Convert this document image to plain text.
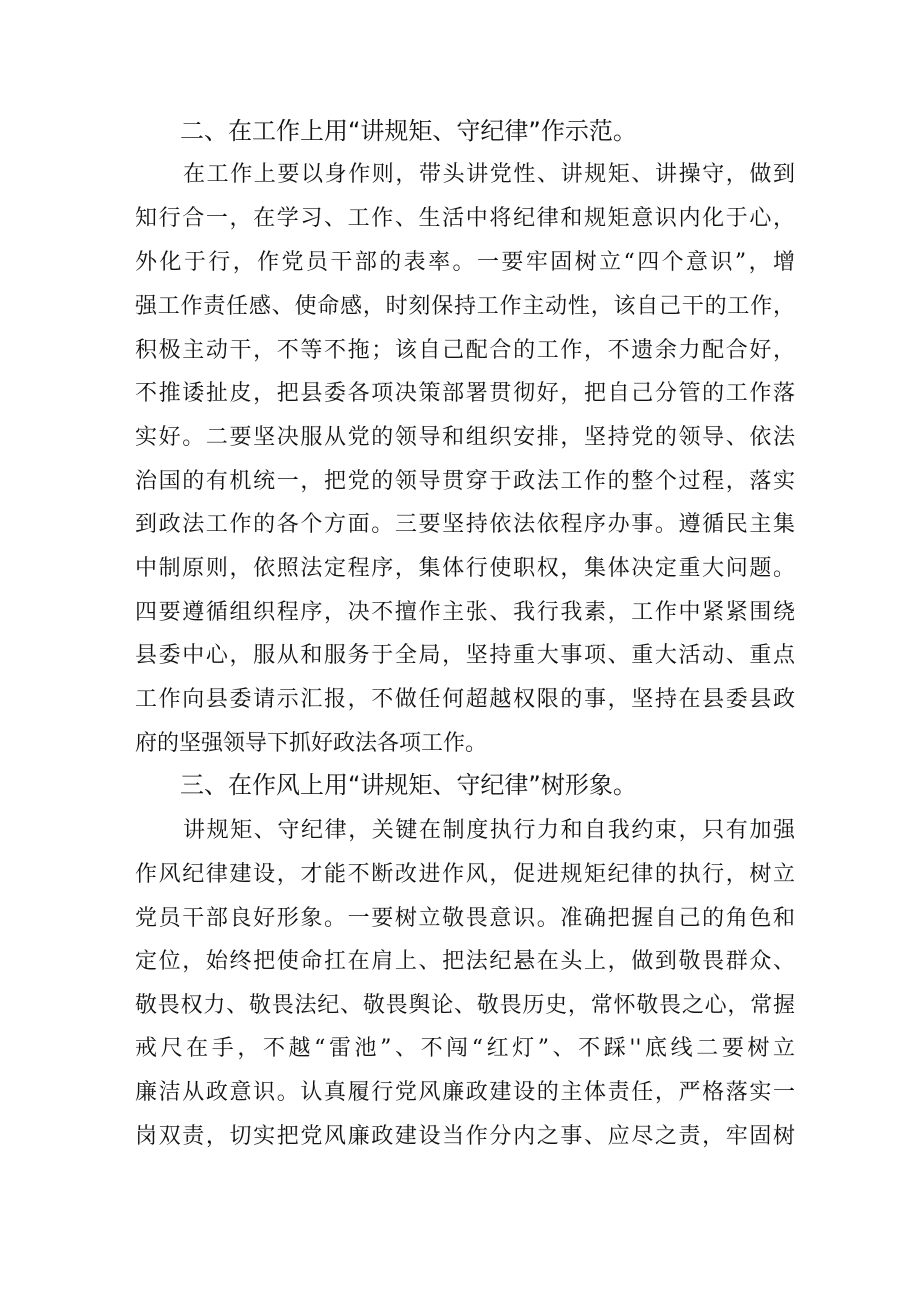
二、在工作上用“讲规矩、守纪律”作示范。

在工作上要以身作则，带头讲党性、讲规矩、讲操守，做到

知行合一，在学习、工作、生活中将纪律和规矩意识内化于心，

外化于行，作党员干部的表率。一要牢固树立“四个意识”，增

强工作责任感、使命感，时刻保持工作主动性，该自己干的工作，

积极主动干，不等不拖；该自己配合的工作，不遗余力配合好，

不推诿扯皮，把县委各项决策部署贯彻好，把自己分管的工作落

实好。二要坚决服从党的领导和组织安排，坚持党的领导、依法

治国的有机统一，把党的领导贯穿于政法工作的整个过程，落实

到政法工作的各个方面。三要坚持依法依程序办事。遵循民主集

中制原则，依照法定程序，集体行使职权，集体决定重大问题。

四要遵循组织程序，决不擅作主张、我行我素，工作中紧紧围绕

县委中心，服从和服务于全局，坚持重大事项、重大活动、重点

工作向县委请示汇报，不做任何超越权限的事，坚持在县委县政

府的坚强领导下抓好政法各项工作。

三、在作风上用“讲规矩、守纪律”树形象。

讲规矩、守纪律，关键在制度执行力和自我约束，只有加强

作风纪律建设，才能不断改进作风，促进规矩纪律的执行，树立

党员干部良好形象。一要树立敬畏意识。准确把握自己的角色和

定位，始终把使命扛在肩上、把法纪悬在头上，做到敬畏群众、

敬畏权力、敬畏法纪、敬畏舆论、敬畏历史，常怀敬畏之心，常握

戒尺在手，不越“雷池”、不闯“红灯”、不踩''底线二要树立

廉洁从政意识。认真履行党风廉政建设的主体责任，严格落实一

岗双责，切实把党风廉政建设当作分内之事、应尽之责，牢固树
